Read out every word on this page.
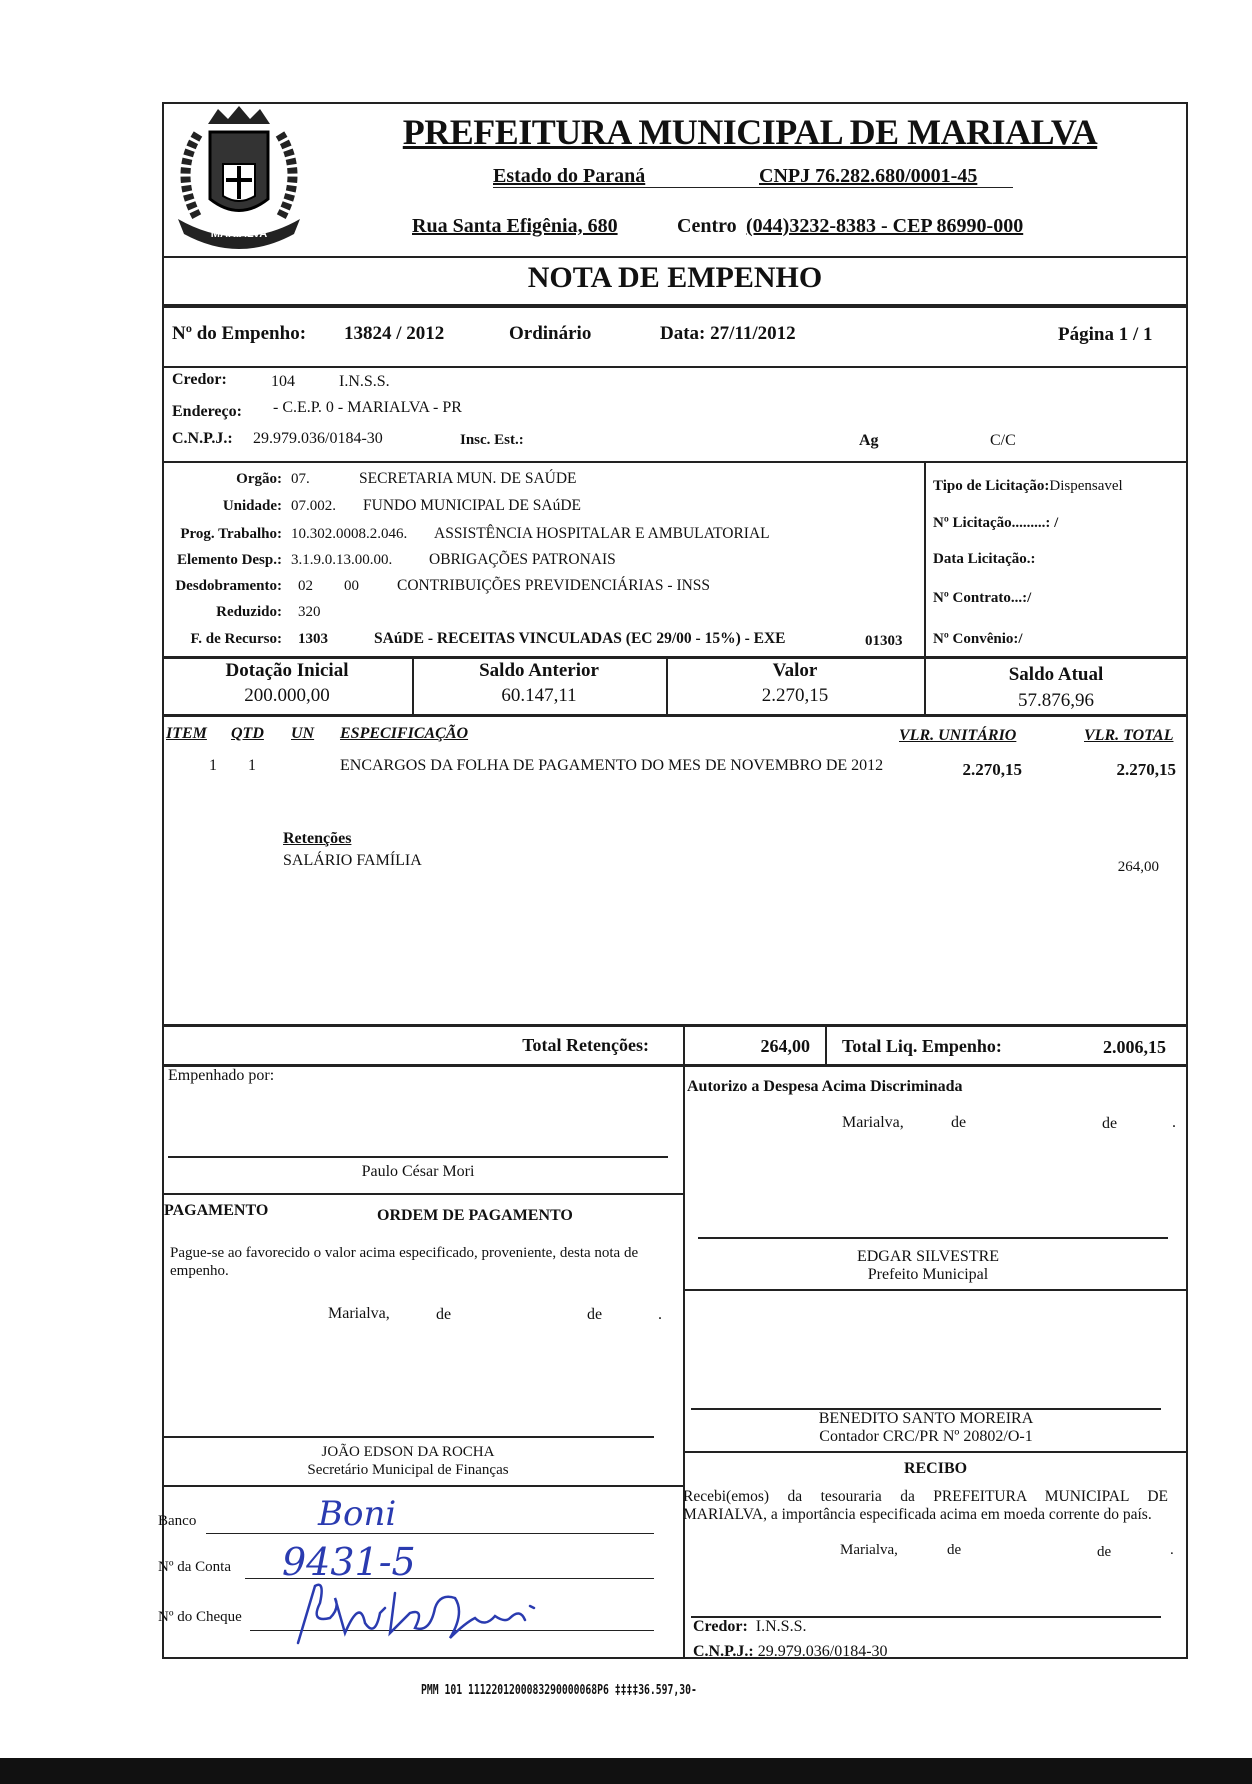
MARIALVA
PREFEITURA MUNICIPAL DE MARIALVA
Estado do Paraná	CNPJ 76.282.680/0001-45
Rua Santa Efigênia, 680	Centro (044)3232-8383 - CEP 86990-000
NOTA DE EMPENHO
Nº do Empenho: 13824 / 2012	Ordinário	Data: 27/11/2012	Página 1 / 1
Credor:	104	I.N.S.S.
Endereço: - C.E.P. 0 - MARIALVA - PR
C.N.P.J.: 29.979.036/0184-30	Insc. Est.:	Ag	C/C
Orgão: 07.	SECRETARIA MUN. DE SAÚDE
Unidade: 07.002. FUNDO MUNICIPAL DE SAúDE
Prog. Trabalho: 10.302.0008.2.046. ASSISTÊNCIA HOSPITALAR E AMBULATORIAL
Elemento Desp.: 3.1.9.0.13.00.00. OBRIGAÇÕES PATRONAIS
Desdobramento: 02 00 CONTRIBUIÇÕES PREVIDENCIÁRIAS - INSS
Reduzido: 320
F. de Recurso: 1303	SAúDE - RECEITAS VINCULADAS (EC 29/00 - 15%) - EXE	01303
Tipo de Licitação:Dispensavel
Nº Licitação.........: /
Data Licitação.:
Nº Contrato...:/
Nº Convênio:/
Dotação Inicial
200.000,00
Saldo Anterior
60.147,11
Valor
2.270,15
Saldo Atual
57.876,96
ITEM QTD UN ESPECIFICAÇÃO	VLR. UNITÁRIO	VLR. TOTAL
1 1	ENCARGOS DA FOLHA DE PAGAMENTO DO MES DE NOVEMBRO DE 2012	2.270,15	2.270,15
Retenções
SALÁRIO FAMÍLIA	264,00
Total Retenções:	264,00 Total Liq. Empenho:	2.006,15
Empenhado por:
Paulo César Mori
Autorizo a Despesa Acima Discriminada
Marialva,	de	de	.
EDGAR SILVESTRE
Prefeito Municipal
BENEDITO SANTO MOREIRA
Contador CRC/PR Nº 20802/O-1
PAGAMENTO	ORDEM DE PAGAMENTO
Pague-se ao favorecido o valor acima especificado, proveniente, desta nota de empenho.
Marialva,	de	de	.
JOÃO EDSON DA ROCHA
Secretário Municipal de Finanças
Banco	Boni
Nº da Conta 9431-5
Nº do Cheque
RECIBO
Recebi(emos) da tesouraria da PREFEITURA MUNICIPAL DE MARIALVA, a importância especificada acima em moeda corrente do país.
Marialva,	de	de	.
Credor: I.N.S.S.
C.N.P.J.: 29.979.036/0184-30
PMM 101 1112201200083290000068P6 ‡‡‡‡36.597,30-
